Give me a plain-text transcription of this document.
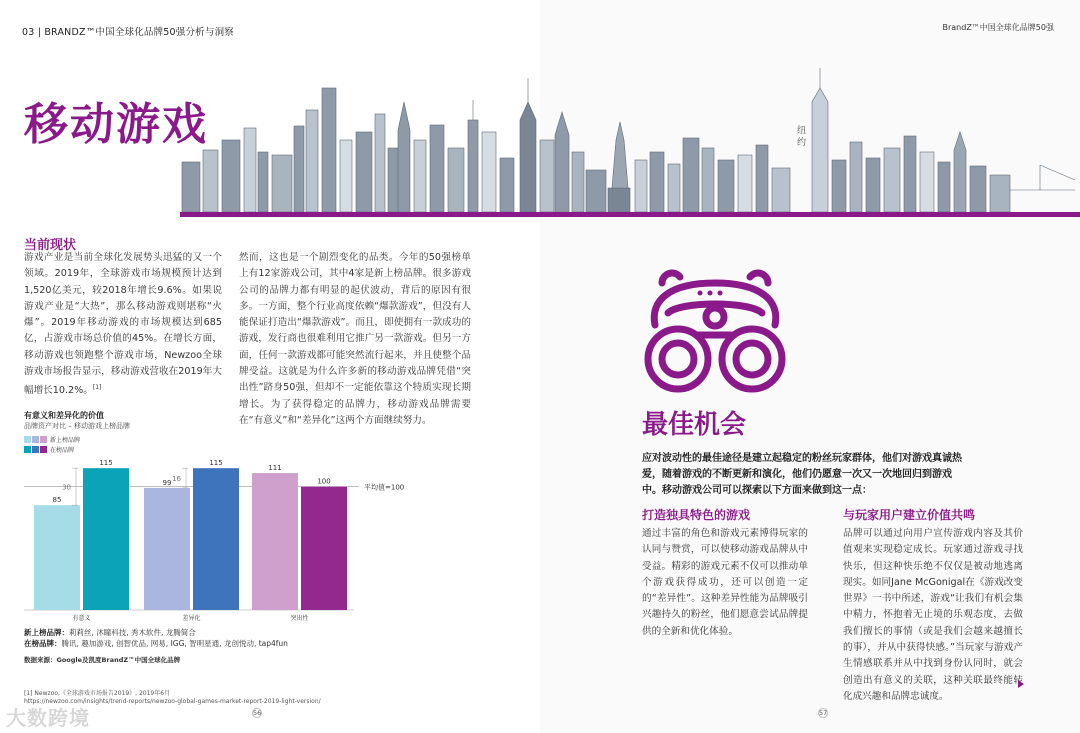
03 | BRANDZ™中国全球化品牌50强分析与洞察	BrandZ™中国全球化品牌50强
移动游戏	纽约
当前现状
游戏产业是当前全球化发展势头迅猛的又一个领域。2019年，全球游戏市场规模预计达到1,520亿美元，较2018年增长9.6%。如果说游戏产业是“大热”，那么移动游戏则堪称“火爆”。2019年移动游戏的市场规模达到685亿，占游戏市场总价值的45%。在增长方面，移动游戏也领跑整个游戏市场，Newzoo全球游戏市场报告显示，移动游戏营收在2019年大幅增长10.2%。[1]
然而，这也是一个剧烈变化的品类。今年的50强榜单上有12家游戏公司，其中4家是新上榜品牌。很多游戏公司的品牌力都有明显的起伏波动，背后的原因有很多。一方面，整个行业高度依赖“爆款游戏”，但没有人能保证打造出“爆款游戏”。而且，即使拥有一款成功的游戏，发行商也很难利用它推广另一款游戏。但另一方面，任何一款游戏都可能突然流行起来，并且使整个品牌受益。这就是为什么许多新的移动游戏品牌凭借“突出性”跻身50强，但却不一定能依靠这个特质实现长期增长。为了获得稳定的品牌力，移动游戏品牌需要在“有意义”和“差异化”这两个方面继续努力。
有意义和差异化的价值
品牌资产对比 – 移动游戏上榜品牌
新上榜品牌
在榜品牌
平均值=100
85
115
有意义
99
115
差异化
111
100
突出性
30
16
新上榜品牌：莉莉丝, 沐瞳科技, 秀木软件, 龙腾简合
在榜品牌：腾讯, 趣加游戏, 创智优品, 网易, IGG, 智明星通, 龙创悦动, tap4fun
数据来源：Google及凯度BrandZ™中国全球化品牌
[1] Newzoo,《全球游戏市场报告2019》, 2019年6月
https://newzoo.com/insights/trend-reports/newzoo-global-games-market-report-2019-light-version/
56
大数跨境
最佳机会
应对波动性的最佳途径是建立起稳定的粉丝玩家群体，他们对游戏真诚热爱，随着游戏的不断更新和演化，他们仍愿意一次又一次地回归到游戏中。移动游戏公司可以探索以下方面来做到这一点：
打造独具特色的游戏	与玩家用户建立价值共鸣
通过丰富的角色和游戏元素博得玩家的认同与赞赏，可以使移动游戏品牌从中受益。精彩的游戏元素不仅可以推动单个游戏获得成功，还可以创造一定的“差异性”。这种差异性能为品牌吸引兴趣持久的粉丝，他们愿意尝试品牌提供的全新和优化体验。
品牌可以通过向用户宣传游戏内容及其价值观来实现稳定成长。玩家通过游戏寻找快乐，但这种快乐绝不仅仅是被动地逃离现实。如同Jane McGonigal在《游戏改变世界》一书中所述，游戏“让我们有机会集中精力，怀抱着无止境的乐观态度，去做我们擅长的事情（或是我们会越来越擅长的事），并从中获得快感。”当玩家与游戏产生情感联系并从中找到身份认同时，就会创造出有意义的关联，这种关联最终能转化成兴趣和品牌忠诚度。
57
